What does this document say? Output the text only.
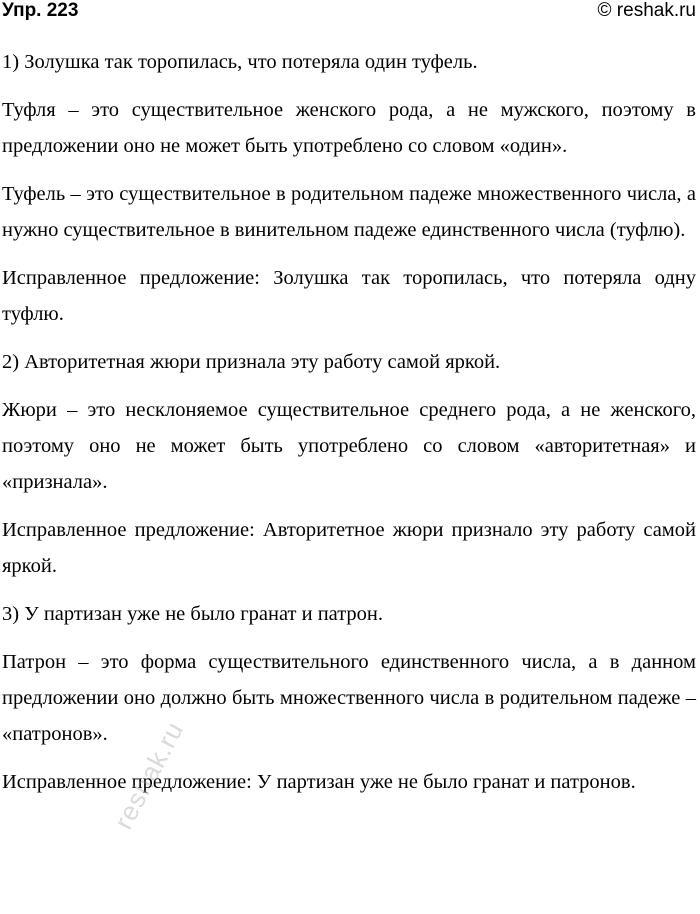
Упр. 223	© reshak.ru

1) Золушка так торопилась, что потеряла один туфель.

Туфля – это существительное женского рода, а не мужского, поэтому в предложении оно не может быть употреблено со словом «один».

Туфель – это существительное в родительном падеже множественного числа, а нужно существительное в винительном падеже единственного числа (туфлю).

Исправленное предложение: Золушка так торопилась, что потеряла одну туфлю.

2) Авторитетная жюри признала эту работу самой яркой.

Жюри – это несклоняемое существительное среднего рода, а не женского, поэтому оно не может быть употреблено со словом «авторитетная» и «признала».

Исправленное предложение: Авторитетное жюри признало эту работу самой яркой.

3) У партизан уже не было гранат и патрон.

Патрон – это форма существительного единственного числа, а в данном предложении оно должно быть множественного числа в родительном падеже – «патронов».

Исправленное предложение: У партизан уже не было гранат и патронов.

reshak.ru
